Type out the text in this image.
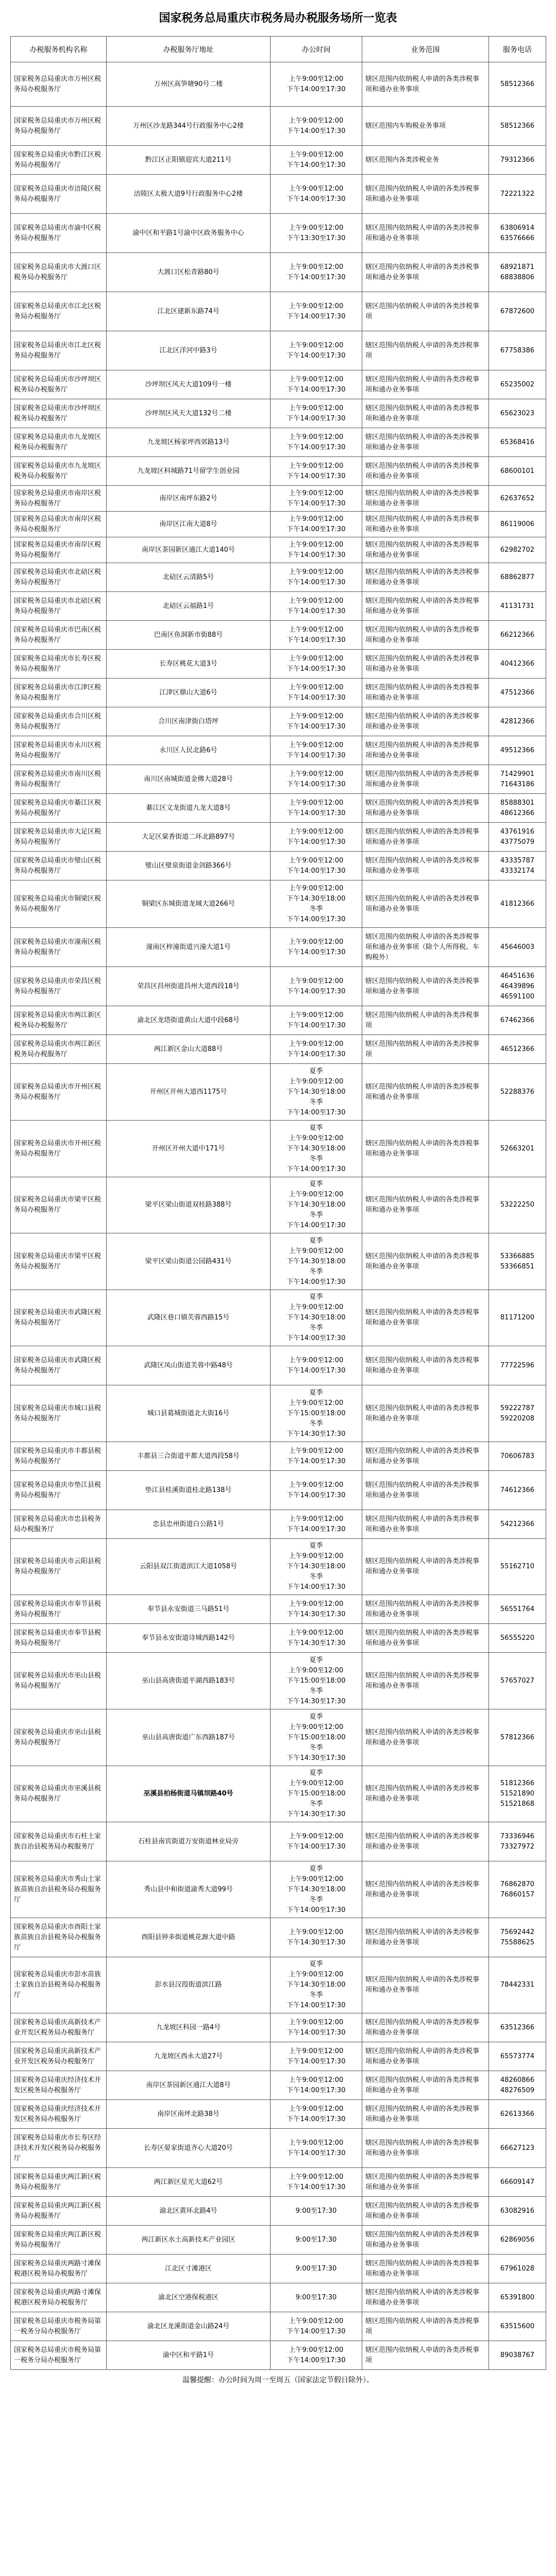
国家税务总局重庆市税务局办税服务场所一览表
办税服务机构名称	办税服务厅地址	办公时间	业务范围	服务电话
国家税务总局重庆市万州区税务局办税服务厅	万州区高笋塘90号二楼	上午9:00至12:00
下午14:00至17:30	辖区范围内依纳税人申请的各类涉税事项和通办业务事项	58512366
国家税务总局重庆市万州区税务局办税服务厅	万州区沙龙路344号行政服务中心2楼	上午9:00至12:00
下午14:00至17:30	辖区范围内车购税业务事项	58512366
国家税务总局重庆市黔江区税务局办税服务厅	黔江区正阳镇迎宾大道211号	上午9:00至12:00
下午14:00至17:30	辖区范围内各类涉税业务	79312366
国家税务总局重庆市涪陵区税务局办税服务厅	涪陵区太极大道9号行政服务中心2楼	上午9:00至12:00
下午14:00至17:30	辖区范围内依纳税人申请的各类涉税事项和通办业务事项	72221322
国家税务总局重庆市渝中区税务局办税服务厅	渝中区和平路1号渝中区政务服务中心	上午9:00至12:00
下午13:30至17:30	辖区范围内依纳税人申请的各类涉税事项和通办业务事项	63806914
63576666
国家税务总局重庆市大渡口区税务局办税服务厅	大渡口区松青路80号	上午9:00至12:00
下午14:00至17:30	辖区范围内依纳税人申请的各类涉税事项和通办业务事项	68921871
68838806
国家税务总局重庆市江北区税务局办税服务厅	江北区建新东路74号	上午9:00至12:00
下午14:00至17:30	辖区范围内依纳税人申请的各类涉税事项	67872600
国家税务总局重庆市江北区税务局办税服务厅	江北区洋河中路3号	上午9:00至12:00
下午14:00至17:30	辖区范围内依纳税人申请的各类涉税事项	67758386
国家税务总局重庆市沙坪坝区税务局办税服务厅	沙坪坝区风天大道109号一楼	上午9:00至12:00
下午14:00至17:30	辖区范围内依纳税人申请的各类涉税事项和通办业务事项	65235002
国家税务总局重庆市沙坪坝区税务局办税服务厅	沙坪坝区风天大道132号二楼	上午9:00至12:00
下午14:00至17:30	辖区范围内依纳税人申请的各类涉税事项和通办业务事项	65623023
国家税务总局重庆市九龙坡区税务局办税服务厅	九龙坡区杨家坪西郊路13号	上午9:00至12:00
下午14:00至17:30	辖区范围内依纳税人申请的各类涉税事项和通办业务事项	65368416
国家税务总局重庆市九龙坡区税务局办税服务厅	九龙坡区科城路71号留学生创业园	上午9:00至12:00
下午14:00至17:30	辖区范围内依纳税人申请的各类涉税事项和通办业务事项	68600101
国家税务总局重庆市南岸区税务局办税服务厅	南岸区南坪东路2号	上午9:00至12:00
下午14:00至17:30	辖区范围内依纳税人申请的各类涉税事项和通办业务事项	62637652
国家税务总局重庆市南岸区税务局办税服务厅	南岸区江南大道8号	上午9:00至12:00
下午14:00至17:30	辖区范围内依纳税人申请的各类涉税事项和通办业务事项	86119006
国家税务总局重庆市南岸区税务局办税服务厅	南岸区茶园新区通江大道140号	上午9:00至12:00
下午14:00至17:30	辖区范围内依纳税人申请的各类涉税事项和通办业务事项	62982702
国家税务总局重庆市北碚区税务局办税服务厅	北碚区云清路5号	上午9:00至12:00
下午14:00至17:30	辖区范围内依纳税人申请的各类涉税事项和通办业务事项	68862877
国家税务总局重庆市北碚区税务局办税服务厅	北碚区云福路1号	上午9:00至12:00
下午14:00至17:30	辖区范围内依纳税人申请的各类涉税事项和通办业务事项	41131731
国家税务总局重庆市巴南区税务局办税服务厅	巴南区鱼洞新市街88号	上午9:00至12:00
下午14:00至17:30	辖区范围内依纳税人申请的各类涉税事项和通办业务事项	66212366
国家税务总局重庆市长寿区税务局办税服务厅	长寿区桃花大道3号	上午9:00至12:00
下午14:00至17:30	辖区范围内依纳税人申请的各类涉税事项和通办业务事项	40412366
国家税务总局重庆市江津区税务局办税服务厅	江津区鼎山大道6号	上午9:00至12:00
下午14:00至17:30	辖区范围内依纳税人申请的各类涉税事项和通办业务事项	47512366
国家税务总局重庆市合川区税务局办税服务厅	合川区南津街白塔坪	上午9:00至12:00
下午14:00至17:30	辖区范围内依纳税人申请的各类涉税事项和通办业务事项	42812366
国家税务总局重庆市永川区税务局办税服务厅	永川区人民北路6号	上午9:00至12:00
下午14:00至17:30	辖区范围内依纳税人申请的各类涉税事项和通办业务事项	49512366
国家税务总局重庆市南川区税务局办税服务厅	南川区南城街道金佛大道28号	上午9:00至12:00
下午14:00至17:30	辖区范围内依纳税人申请的各类涉税事项和通办业务事项	71429901
71643186
国家税务总局重庆市綦江区税务局办税服务厅	綦江区文龙街道九龙大道8号	上午9:00至12:00
下午14:00至17:30	辖区范围内依纳税人申请的各类涉税事项和通办业务事项	85888301
48612366
国家税务总局重庆市大足区税务局办税服务厅	大足区棠香街道二环北路897号	上午9:00至12:00
下午14:00至17:30	辖区范围内依纳税人申请的各类涉税事项和通办业务事项	43761916
43775079
国家税务总局重庆市璧山区税务局办税服务厅	璧山区璧泉街道金剑路366号	上午9:00至12:00
下午14:00至17:30	辖区范围内依纳税人申请的各类涉税事项和通办业务事项	43335787
43332174
国家税务总局重庆市铜梁区税务局办税服务厅	铜梁区东城街道龙城大道266号	上午9:00至12:00
下午14:30至18:00
冬季
下午14:00至17:30	辖区范围内依纳税人申请的各类涉税事项和通办业务事项	41812366
国家税务总局重庆市潼南区税务局办税服务厅	潼南区梓潼街道兴潼大道1号	上午9:00至12:00
下午14:00至17:30	辖区范围内依纳税人申请的各类涉税事项和通办业务事项（除个人所得税、车购税外）	45646003
国家税务总局重庆市荣昌区税务局办税服务厅	荣昌区昌州街道昌州大道西段18号	上午9:00至12:00
下午14:00至17:30	辖区范围内依纳税人申请的各类涉税事项和通办业务事项	46451636
46439896
46591100
国家税务总局重庆市两江新区税务局办税服务厅	渝北区龙塔街道黄山大道中段68号	上午9:00至12:00
下午14:00至17:30	辖区范围内依纳税人申请的各类涉税事项	67462366
国家税务总局重庆市两江新区税务局办税服务厅	两江新区金山大道88号	上午9:00至12:00
下午14:00至17:30	辖区范围内依纳税人申请的各类涉税事项	46512366
国家税务总局重庆市开州区税务局办税服务厅	开州区开州大道西1175号	夏季
上午9:00至12:00
下午14:30至18:00
冬季
下午14:00至17:30	辖区范围内依纳税人申请的各类涉税事项和通办业务事项	52288376
国家税务总局重庆市开州区税务局办税服务厅	开州区开州大道中171号	夏季
上午9:00至12:00
下午14:30至18:00
冬季
下午14:00至17:30	辖区范围内依纳税人申请的各类涉税事项和通办业务事项	52663201
国家税务总局重庆市梁平区税务局办税服务厅	梁平区梁山街道双桂路388号	夏季
上午9:00至12:00
下午14:30至18:00
冬季
下午14:00至17:30	辖区范围内依纳税人申请的各类涉税事项和通办业务事项	53222250
国家税务总局重庆市梁平区税务局办税服务厅	梁平区梁山街道公园路431号	夏季
上午9:00至12:00
下午14:30至18:00
冬季
下午14:00至17:30	辖区范围内依纳税人申请的各类涉税事项和通办业务事项	53366885
53366851
国家税务总局重庆市武隆区税务局办税服务厅	武隆区巷口镇芙蓉西路15号	夏季
上午9:00至12:00
下午14:30至18:00
冬季
下午14:00至17:30	辖区范围内依纳税人申请的各类涉税事项和通办业务事项	81171200
国家税务总局重庆市武隆区税务局办税服务厅	武隆区凤山街道芙蓉中路48号	上午9:00至12:00
下午14:00至17:30	辖区范围内依纳税人申请的各类涉税事项和通办业务事项	77722596
国家税务总局重庆市城口县税务局办税服务厅	城口县葛城街道北大街16号	夏季
上午9:00至12:00
下午15:00至18:00
冬季
下午14:30至17:30	辖区范围内依纳税人申请的各类涉税事项和通办业务事项	59222787
59220208
国家税务总局重庆市丰都县税务局办税服务厅	丰都县三合街道平都大道西段58号	上午9:00至12:00
下午14:00至17:30	辖区范围内依纳税人申请的各类涉税事项和通办业务事项	70606783
国家税务总局重庆市垫江县税务局办税服务厅	垫江县桂溪街道桂北路138号	上午9:00至12:00
下午14:00至17:30	辖区范围内依纳税人申请的各类涉税事项和通办业务事项	74612366
国家税务总局重庆市忠县税务局办税服务厅	忠县忠州街道白公路1号	上午9:00至12:00
下午14:00至17:30	辖区范围内依纳税人申请的各类涉税事项和通办业务事项	54212366
国家税务总局重庆市云阳县税务局办税服务厅	云阳县双江街道滨江大道1058号	夏季
上午9:00至12:00
下午14:30至18:00
冬季
下午14:00至17:30	辖区范围内依纳税人申请的各类涉税事项和通办业务事项	55162710
国家税务总局重庆市奉节县税务局办税服务厅	奉节县永安街道三马路51号	上午9:00至12:00
下午14:30至17:30	辖区范围内依纳税人申请的各类涉税事项和通办业务事项	56551764
国家税务总局重庆市奉节县税务局办税服务厅	奉节县永安街道诗城西路142号	上午9:00至12:00
下午14:30至17:30	辖区范围内依纳税人申请的各类涉税事项和通办业务事项	56555220
国家税务总局重庆市巫山县税务局办税服务厅	巫山县高唐街道平湖西路183号	夏季
上午9:00至12:00
下午15:00至18:00
冬季
下午14:30至17:30	辖区范围内依纳税人申请的各类涉税事项和通办业务事项	57657027
国家税务总局重庆市巫山县税务局办税服务厅	巫山县高唐街道广东西路187号	夏季
上午9:00至12:00
下午15:00至18:00
冬季
下午14:30至17:30	辖区范围内依纳税人申请的各类涉税事项和通办业务事项	57812366
国家税务总局重庆市巫溪县税务局办税服务厅	巫溪县柏杨街道马镇坝路40号	夏季
上午9:00至12:00
下午15:00至18:00
冬季
下午14:30至17:30	辖区范围内依纳税人申请的各类涉税事项和通办业务事项	51812366
51521890
51521868
国家税务总局重庆市石柱土家族自治县税务局办税服务厅	石柱县南宾街道万安街道林业局旁	上午9:00至12:00
下午14:00至17:30	辖区范围内依纳税人申请的各类涉税事项和通办业务事项	73336946
73327972
国家税务总局重庆市秀山土家族苗族自治县税务局办税服务厅	秀山县中和街道渝秀大道99号	夏季
上午9:00至12:00
下午14:30至18:00
冬季
下午14:00至17:30	辖区范围内依纳税人申请的各类涉税事项和通办业务事项	76862870
76860157
国家税务总局重庆市酉阳土家族苗族自治县税务局办税服务厅	酉阳县钟多街道桃花源大道中路	上午9:00至12:00
下午14:30至17:30	辖区范围内依纳税人申请的各类涉税事项和通办业务事项	75692442
75588625
国家税务总局重庆市彭水苗族土家族自治县税务局办税服务厅	彭水县汉葭街道滨江路	夏季
上午9:00至12:00
下午14:30至18:00
冬季
下午14:00至17:30	辖区范围内依纳税人申请的各类涉税事项和通办业务事项	78442331
国家税务总局重庆高新技术产业开发区税务局办税服务厅	九龙坡区科园一路4号	上午9:00至12:00
下午14:00至17:30	辖区范围内依纳税人申请的各类涉税事项和通办业务事项	63512366
国家税务总局重庆高新技术产业开发区税务局办税服务厅	九龙坡区西永大道27号	上午9:00至12:00
下午14:00至17:30	辖区范围内依纳税人申请的各类涉税事项和通办业务事项	65573774
国家税务总局重庆经济技术开发区税务局办税服务厅	南岸区茶园新区通江大道8号	上午9:00至12:00
下午14:00至17:30	辖区范围内依纳税人申请的各类涉税事项和通办业务事项	48260866
48276509
国家税务总局重庆经济技术开发区税务局办税服务厅	南岸区南坪北路38号	上午9:00至12:00
下午14:00至17:30	辖区范围内依纳税人申请的各类涉税事项和通办业务事项	62613366
国家税务总局重庆市长寿区经济技术开发区税务局办税服务厅	长寿区晏家街道齐心大道20号	上午9:00至12:00
下午14:00至17:30	辖区范围内依纳税人申请的各类涉税事项和通办业务事项	66627123
国家税务总局重庆两江新区税务局办税服务厅	两江新区星光大道62号	上午9:00至12:00
下午14:00至17:30	辖区范围内依纳税人申请的各类涉税事项和通办业务事项	66609147
国家税务总局重庆两江新区税务局办税服务厅	渝北区黄环北路4号	9:00至17:30	辖区范围内依纳税人申请的各类涉税事项和通办业务事项	63082916
国家税务总局重庆两江新区税务局办税服务厅	两江新区水土高新技术产业园区	9:00至17:30	辖区范围内依纳税人申请的各类涉税事项和通办业务事项	62869056
国家税务总局重庆两路寸滩保税港区税务局办税服务厅	江北区寸滩港区	9:00至17:30	辖区范围内依纳税人申请的各类涉税事项和通办业务事项	67961028
国家税务总局重庆两路寸滩保税港区税务局办税服务厅	渝北区空港保税港区	9:00至17:30	辖区范围内依纳税人申请的各类涉税事项和通办业务事项	65391800
国家税务总局重庆市税务局第一税务分局办税服务厅	渝北区龙溪街道金山路24号	上午9:00至12:00
下午14:00至17:30	辖区范围内依纳税人申请的各类涉税事项	63515600
国家税务总局重庆市税务局第一税务分局办税服务厅	渝中区和平路1号	上午9:00至12:00
下午14:00至17:30	辖区范围内依纳税人申请的各类涉税事项	89038767
温馨提醒：办公时间为周一至周五（国家法定节假日除外）。
